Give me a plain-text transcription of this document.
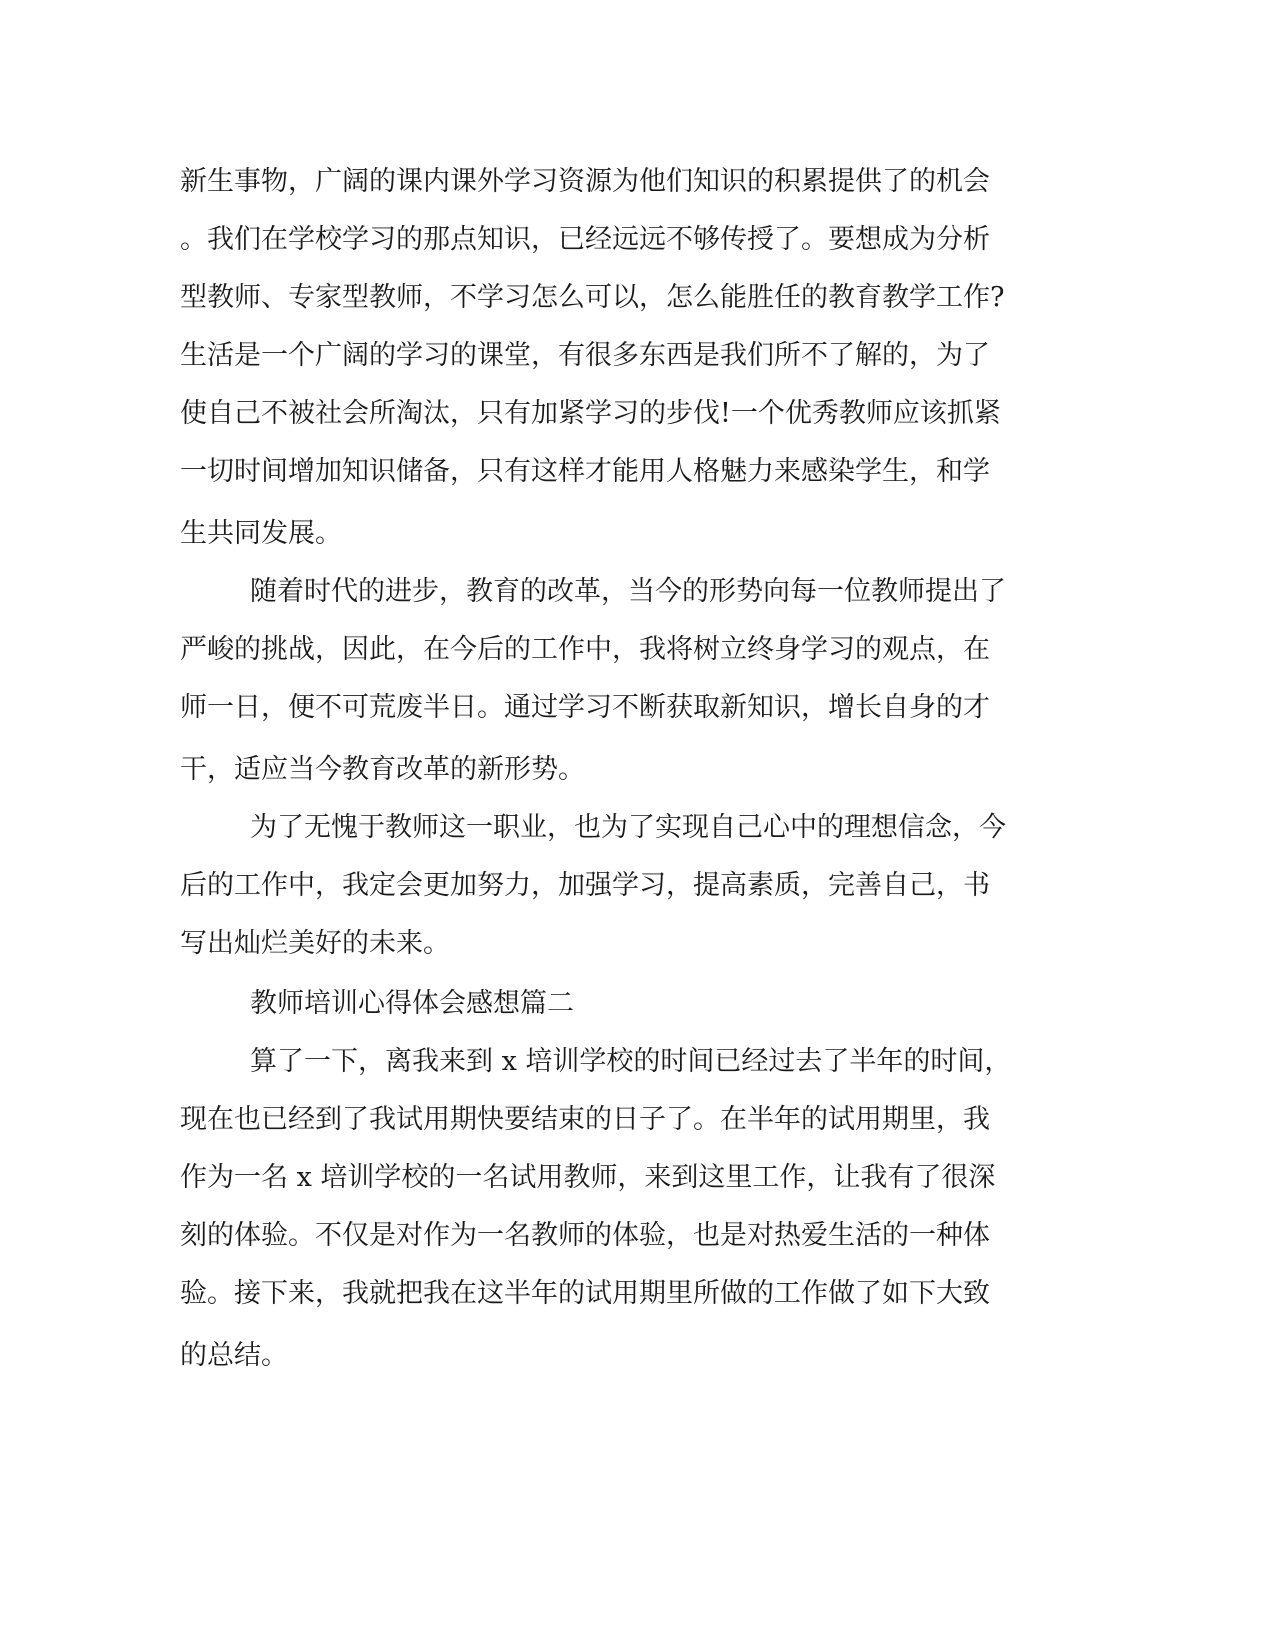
新生事物，广阔的课内课外学习资源为他们知识的积累提供了的机会
。我们在学校学习的那点知识，已经远远不够传授了。要想成为分析
型教师、专家型教师，不学习怎么可以，怎么能胜任的教育教学工作?
生活是一个广阔的学习的课堂，有很多东西是我们所不了解的，为了
使自己不被社会所淘汰，只有加紧学习的步伐!一个优秀教师应该抓紧
一切时间增加知识储备，只有这样才能用人格魅力来感染学生，和学
生共同发展。
随着时代的进步，教育的改革，当今的形势向每一位教师提出了
严峻的挑战，因此，在今后的工作中，我将树立终身学习的观点，在
师一日，便不可荒废半日。通过学习不断获取新知识，增长自身的才
干，适应当今教育改革的新形势。
为了无愧于教师这一职业，也为了实现自己心中的理想信念，今
后的工作中，我定会更加努力，加强学习，提高素质，完善自己，书
写出灿烂美好的未来。
教师培训心得体会感想篇二
算了一下，离我来到 x 培训学校的时间已经过去了半年的时间，
现在也已经到了我试用期快要结束的日子了。在半年的试用期里，我
作为一名 x 培训学校的一名试用教师，来到这里工作，让我有了很深
刻的体验。不仅是对作为一名教师的体验，也是对热爱生活的一种体
验。接下来，我就把我在这半年的试用期里所做的工作做了如下大致
的总结。
